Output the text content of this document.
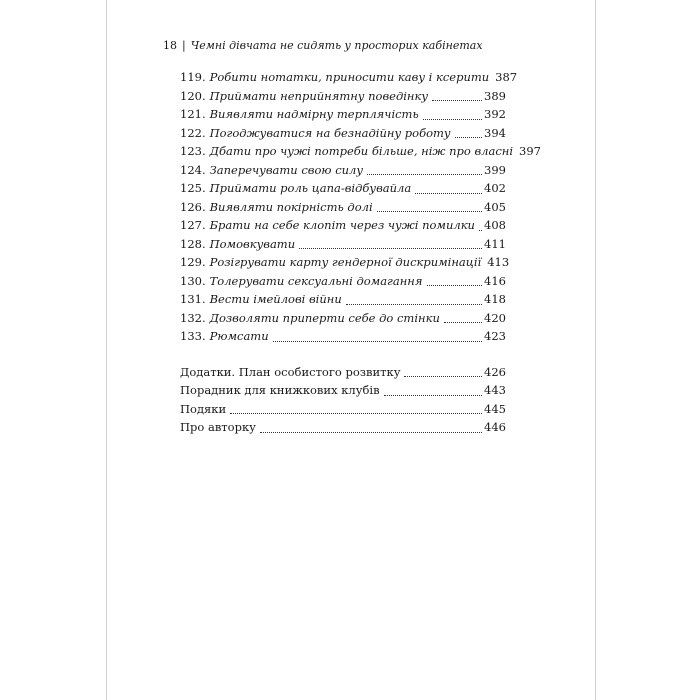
18 | Чемні дівчата не сидять у просторих кабінетах
119. Робити нотатки, приносити каву і ксерити 387
120. Приймати неприйнятну поведінку	389
121. Виявляти надмірну терплячість	392
122. Погоджуватися на безнадійну роботу	394
123. Дбати про чужі потреби більше, ніж про власні 397
124. Заперечувати свою силу	399
125. Приймати роль цапа-відбувайла	402
126. Виявляти покірність долі	405
127. Брати на себе клопіт через чужі помилки 408
128. Помовкувати	411
129. Розігрувати карту гендерної дискримінації 413
130. Толерувати сексуальні домагання	416
131. Вести імейлові війни	418
132. Дозволяти приперти себе до стінки	420
133. Рюмсати	423
Додатки. План особистого розвитку	426
Порадник для книжкових клубів	443
Подяки	445
Про авторку	446
